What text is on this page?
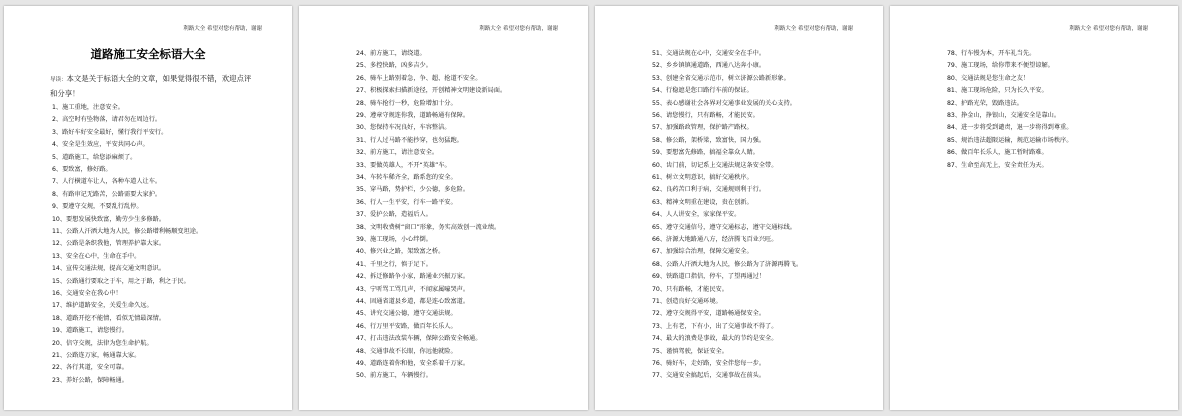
利路大全 希望对您有帮助，谢谢
道路施工安全标语大全
导读：本文是关于标语大全的文章，如果觉得很不错，欢迎点评和分享！
1、施工重地，注意安全。
2、高空时有坠物落，请君勿在周边行。
3、路好车好安全最好，懂行我行平安行。
4、安全是生效应，平安共同心声。
5、道路施工，给您添麻烦了。
6、要致富，修好路。
7、人行横道车让人，各种车道人让车。
8、有路审记无路苦，公路需要大家护。
9、要遵守交规，不要乱行乱停。
10、要想发展快致富，勤劳少生多修路。
11、公路人汗洒大地为人民，修公路增利畅顺变坦途。
12、公路是条织我他，管理养护靠大家。
13、安全在心中，生命在手中。
14、宣传交通法规，提高交通文明意识。
15、公路通行要取之于车，用之于路，利之于民。
16、交通安全在我心中！
17、维护道路安全，关爱生命久远。
18、道路开挖不能情，看似无情最深情。
19、道路施工，请您慢行。
20、信守交规，法律为您生命护航。
21、公路连万家，畅通靠大家。
22、各行其道，安全可靠。
23、养好公路，保障畅通。
利路大全 希望对您有帮助，谢谢
24、前方施工，请绕道。
25、多控快路，凶多吉少。
26、骑车上路别着急，争、超、抢道不安全。
27、积极探索扫描新途径，开创精神文明建设新局面。
28、骑车抢行一秒，危险增加十分。
29、遵章守规连你我，道路畅通有保障。
30、您保持车况良好，车容整洁。
31、行人过马路不能抄穿，也勿猛跑。
32、前方施工，请注意安全。
33、要做英雄人，不开“英雄”车。
34、车转车稀齐全，路系您的安全。
35、穿马路，势护栏，少公德，多危险。
36、行人一生平安，行车一路平安。
37、爱护公路，造福后人。
38、文明收费树“窗口”形象，务实高效创一流业绩。
39、施工现场，小心绊倒。
40、修兴业之路，架致富之桥。
41、千里之行，慎于足下。
42、拆迁修路争小家，路通业兴振万家。
43、宁听骂工骂几声，不闻家属嚎哭声。
44、固通省道县乡道，都是连心致富道。
45、讲究交通公德，遵守交通法规。
46、行万里平安路，做百年长乐人。
47、打击违法改装车辆，保障公路安全畅通。
48、交通事故不长眼，你远他就险。
49、道路连着你和他，安全系着千万家。
50、前方施工，车辆慢行。
利路大全 希望对您有帮助，谢谢
51、交通法规在心中，交通安全在手中。
52、乡乡镇镇通道路，西通八达奔小康。
53、创建全省交通示范市，树立济源公路新形象。
54、行稳遮是您口路行车前的保证。
55、表心感谢社会各界对交通事业发展的关心支持。
56、请您慢行，只有路畅，才能民安。
57、加强路政管理，保护路产路权。
58、修公路，架桥梁，致富快，国力强。
59、要想富先修路，搞福全靠众人睛。
60、齿门前，切记系上交通法规这条安全带。
61、树立文明意识，搞好交通秩序。
62、良药苦口利于病，交通规则利于行。
63、精神文明重在建设，贵在创新。
64、人人讲安全，家家保平安。
65、遵守交通信号，遵守交通标志，遵守交通标线。
66、济源大地路通八方，经济腾飞百业兴旺。
67、加强综合治理，保障交通安全。
68、公路人汗洒大地为人民，修公路为了济源再腾飞。
69、铁路道口指信，停车，了望再通过！
70、只有路畅，才能民安。
71、创造良好交通环境。
72、遵守交规得平安，道路畅通保安全。
73、上有老，下有小，出了交通事故不得了。
74、最大的浪费是事故，最大的节约是安全。
75、谨慎驾驶，保证安全。
76、骑好车，走好路，安全伴您每一步。
77、交通安全搞起后，交通事故在前头。
利路大全 希望对您有帮助，谢谢
78、行车慢为本，开车礼当先。
79、施工现场，给你带来不便望谅解。
80、交通法规是您生命之友！
81、施工现场危险，只为长久平安。
82、护路光荣，毁路违法。
83、挣金山，挣银山，交通安全是靠山。
84、进一步将受到谴责，退一步将得到尊重。
85、规治违法超限运输，规范运输市场秩序。
86、做百年长乐人，施工暂时路难。
87、生命至高无上，安全责任为天。
